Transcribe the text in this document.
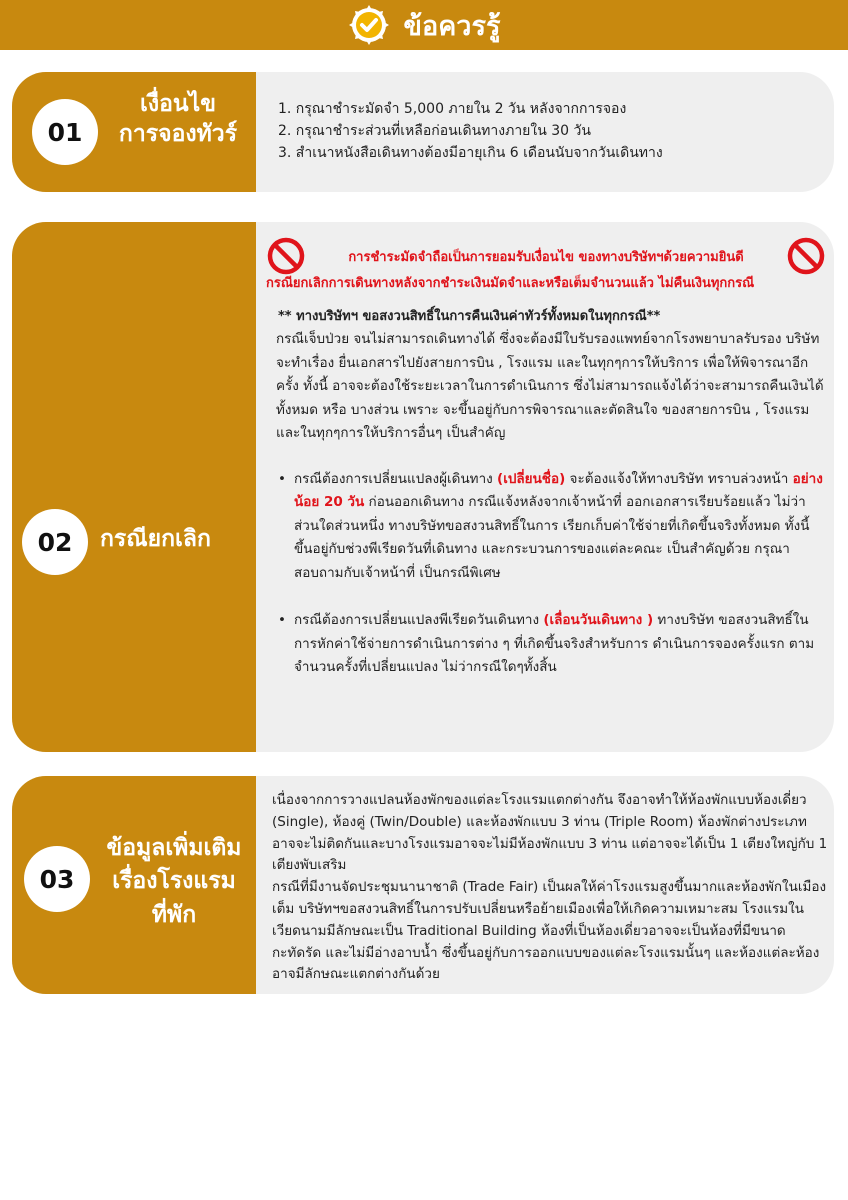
ข้อควรรู้
01
เงื่อนไข
การจองทัวร์
1. กรุณาชำระมัดจำ 5,000 ภายใน 2 วัน หลังจากการจอง
2. กรุณาชำระส่วนที่เหลือก่อนเดินทางภายใน 30 วัน
3. สำเนาหนังสือเดินทางต้องมีอายุเกิน 6 เดือนนับจากวันเดินทาง
02	กรณียกเลิก
การชำระมัดจำถือเป็นการยอมรับเงื่อนไข ของทางบริษัทฯด้วยความยินดี
กรณียกเลิกการเดินทางหลังจากชำระเงินมัดจำและหรือเต็มจำนวนแล้ว ไม่คืนเงินทุกกรณี
** ทางบริษัทฯ ขอสงวนสิทธิ์ในการคืนเงินค่าทัวร์ทั้งหมดในทุกกรณี**

กรณีเจ็บป่วย จนไม่สามารถเดินทางได้ ซึ่งจะต้องมีใบรับรองแพทย์จากโรงพยาบาลรับรอง บริษัทจะทำเรื่อง ยื่นเอกสารไปยังสายการบิน , โรงแรม และในทุกๆการให้บริการ เพื่อให้พิจารณาอีกครั้ง ทั้งนี้ อาจจะต้องใช้ระยะเวลาในการดำเนินการ ซึ่งไม่สามารถแจ้งได้ว่าจะสามารถคืนเงินได้ทั้งหมด หรือ บางส่วน เพราะ จะขึ้นอยู่กับการพิจารณาและตัดสินใจ ของสายการบิน , โรงแรม และในทุกๆการให้บริการอื่นๆ เป็นสำคัญ

• กรณีต้องการเปลี่ยนแปลงผู้เดินทาง (เปลี่ยนชื่อ) จะต้องแจ้งให้ทางบริษัท ทราบล่วงหน้า อย่างน้อย 20 วัน ก่อนออกเดินทาง กรณีแจ้งหลังจากเจ้าหน้าที่ ออกเอกสารเรียบร้อยแล้ว ไม่ว่าส่วนใดส่วนหนึ่ง ทางบริษัทขอสงวนสิทธิ์ในการ เรียกเก็บค่าใช้จ่ายที่เกิดขึ้นจริงทั้งหมด ทั้งนี้ขึ้นอยู่กับช่วงพีเรียดวันที่เดินทาง และกระบวนการของแต่ละคณะ เป็นสำคัญด้วย กรุณาสอบถามกับเจ้าหน้าที่ เป็นกรณีพิเศษ
• กรณีต้องการเปลี่ยนแปลงพีเรียดวันเดินทาง (เลื่อนวันเดินทาง ) ทางบริษัท ขอสงวนสิทธิ์ในการหักค่าใช้จ่ายการดำเนินการต่าง ๆ ที่เกิดขึ้นจริงสำหรับการ ดำเนินการจองครั้งแรก ตามจำนวนครั้งที่เปลี่ยนแปลง ไม่ว่ากรณีใดๆทั้งสิ้น
03
ข้อมูลเพิ่มเติม
เรื่องโรงแรม
ที่พัก

เนื่องจากการวางแปลนห้องพักของแต่ละโรงแรมแตกต่างกัน จึงอาจทำให้ห้องพักแบบห้องเดี่ยว (Single), ห้องคู่ (Twin/Double) และห้องพักแบบ 3 ท่าน (Triple Room) ห้องพักต่างประเภทอาจจะไม่ติดกันและบางโรงแรมอาจจะไม่มีห้องพักแบบ 3 ท่าน แต่อาจจะได้เป็น 1 เตียงใหญ่กับ 1 เตียงพับเสริม

กรณีที่มีงานจัดประชุมนานาชาติ (Trade Fair) เป็นผลให้ค่าโรงแรมสูงขึ้นมากและห้องพักในเมืองเต็ม บริษัทฯขอสงวนสิทธิ์ในการปรับเปลี่ยนหรือย้ายเมืองเพื่อให้เกิดความเหมาะสม โรงแรมในเวียดนามมีลักษณะเป็น Traditional Building ห้องที่เป็นห้องเดี่ยวอาจจะเป็นห้องที่มีขนาดกะทัดรัด และไม่มีอ่างอาบน้ำ ซึ่งขึ้นอยู่กับการออกแบบของแต่ละโรงแรมนั้นๆ และห้องแต่ละห้องอาจมีลักษณะแตกต่างกันด้วย
